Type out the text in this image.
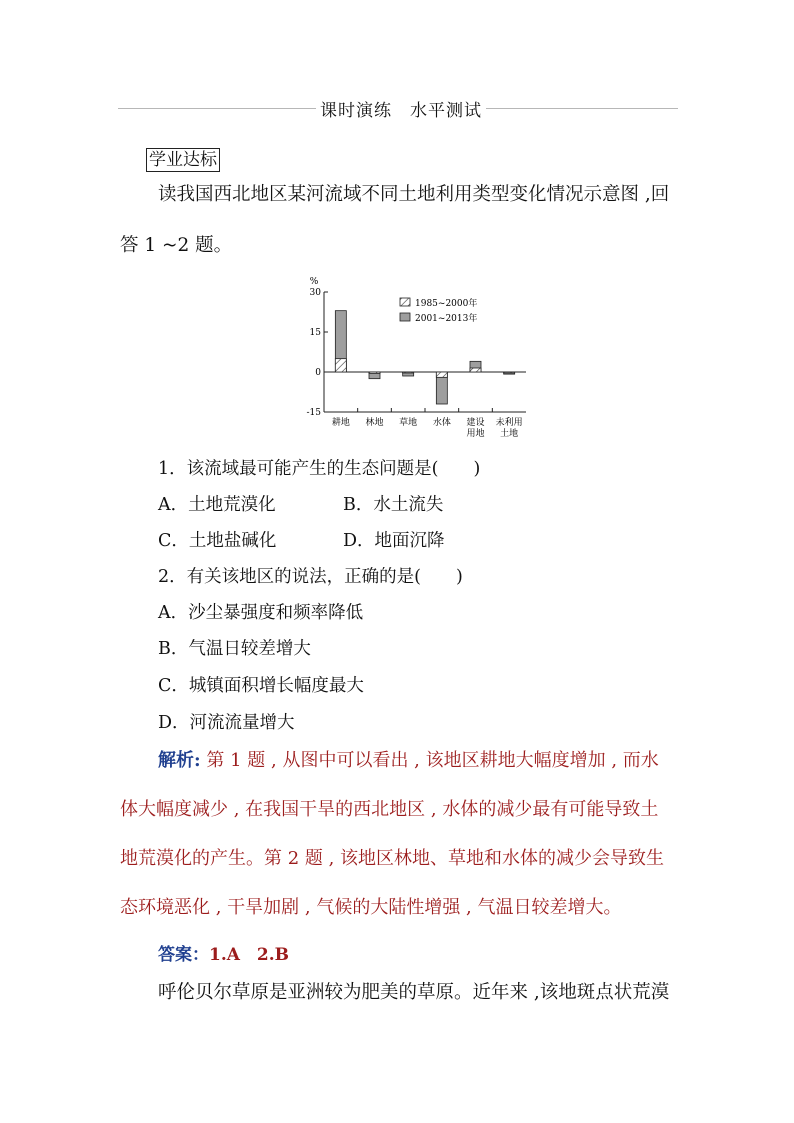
课时演练　水平测试
学业达标
读我国西北地区某河流域不同土地利用类型变化情况示意图 ,回
答 1 ~2 题。
%
30
15
0
-15
耕地 林地 草地 水体 建设
用地
未利用
土地
1985~2000年
2001~2013年
1．该流域最可能产生的生态问题是(　　)
A．土地荒漠化	B．水土流失
C．土地盐碱化	D．地面沉降
2．有关该地区的说法，正确的是(　　)
A．沙尘暴强度和频率降低
B．气温日较差增大
C．城镇面积增长幅度最大
D．河流流量增大
解析: 第 1 题 , 从图中可以看出 , 该地区耕地大幅度增加 , 而水
体大幅度减少 , 在我国干旱的西北地区 , 水体的减少最有可能导致土
地荒漠化的产生。第 2 题 , 该地区林地、草地和水体的减少会导致生
态环境恶化 , 干旱加剧 , 气候的大陆性增强 , 气温日较差增大。
答案：1.A　2.B
呼伦贝尔草原是亚洲较为肥美的草原。近年来 ,该地斑点状荒漠
